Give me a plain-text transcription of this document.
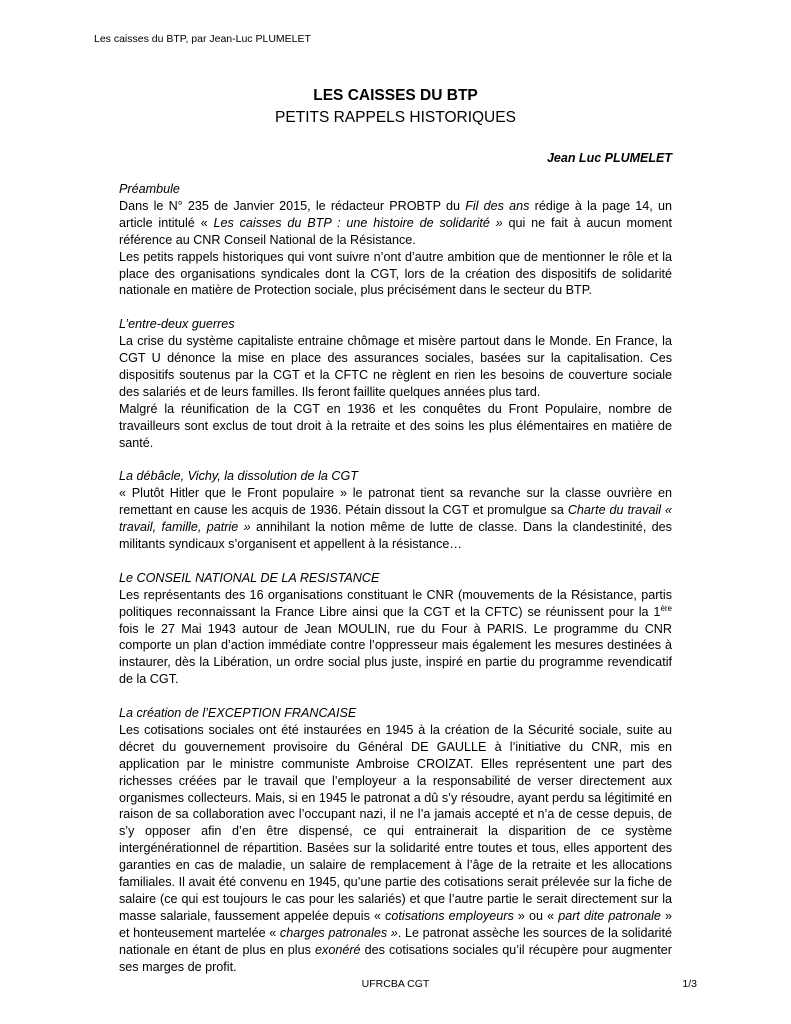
Les caisses du BTP, par Jean-Luc PLUMELET
LES CAISSES DU BTP
PETITS RAPPELS HISTORIQUES
Jean Luc PLUMELET

Préambule

Dans le N° 235 de Janvier 2015, le rédacteur PROBTP du Fil des ans rédige à la page 14, un article intitulé « Les caisses du BTP : une histoire de solidarité » qui ne fait à aucun moment référence au CNR Conseil National de la Résistance.

Les petits rappels historiques qui vont suivre n’ont d’autre ambition que de mentionner le rôle et la place des organisations syndicales dont la CGT, lors de la création des dispositifs de solidarité nationale en matière de Protection sociale, plus précisément dans le secteur du BTP.

L’entre-deux guerres

La crise du système capitaliste entraine chômage et misère partout dans le Monde. En France, la CGT U dénonce la mise en place des assurances sociales, basées sur la capitalisation. Ces dispositifs soutenus par la CGT et la CFTC ne règlent en rien les besoins de couverture sociale des salariés et de leurs familles. Ils feront faillite quelques années plus tard.

Malgré la réunification de la CGT en 1936 et les conquêtes du Front Populaire, nombre de travailleurs sont exclus de tout droit à la retraite et des soins les plus élémentaires en matière de santé.

La débâcle, Vichy, la dissolution de la CGT

« Plutôt Hitler que le Front populaire » le patronat tient sa revanche sur la classe ouvrière en remettant en cause les acquis de 1936. Pétain dissout la CGT et promulgue sa Charte du travail « travail, famille, patrie » annihilant la notion même de lutte de classe. Dans la clandestinité, des militants syndicaux s’organisent et appellent à la résistance…

Le CONSEIL NATIONAL DE LA RESISTANCE

Les représentants des 16 organisations constituant le CNR (mouvements de la Résistance, partis politiques reconnaissant la France Libre ainsi que la CGT et la CFTC) se réunissent pour la 1ère fois le 27 Mai 1943 autour de Jean MOULIN, rue du Four à PARIS. Le programme du CNR comporte un plan d’action immédiate contre l’oppresseur mais également les mesures destinées à instaurer, dès la Libération, un ordre social plus juste, inspiré en partie du programme revendicatif de la CGT.

La création de l’EXCEPTION FRANCAISE

Les cotisations sociales ont été instaurées en 1945 à la création de la Sécurité sociale, suite au décret du gouvernement provisoire du Général DE GAULLE à l’initiative du CNR, mis en application par le ministre communiste Ambroise CROIZAT. Elles représentent une part des richesses créées par le travail que l’employeur a la responsabilité de verser directement aux organismes collecteurs. Mais, si en 1945 le patronat a dû s’y résoudre, ayant perdu sa légitimité en raison de sa collaboration avec l’occupant nazi, il ne l’a jamais accepté et n’a de cesse depuis, de s’y opposer afin d’en être dispensé, ce qui entrainerait la disparition de ce système intergénérationnel de répartition. Basées sur la solidarité entre toutes et tous, elles apportent des garanties en cas de maladie, un salaire de remplacement à l’âge de la retraite et les allocations familiales. Il avait été convenu en 1945, qu’une partie des cotisations serait prélevée sur la fiche de salaire (ce qui est toujours le cas pour les salariés) et que l’autre partie le serait directement sur la masse salariale, faussement appelée depuis « cotisations employeurs » ou « part dite patronale » et honteusement martelée « charges patronales ». Le patronat assèche les sources de la solidarité nationale en étant de plus en plus exonéré des cotisations sociales qu’il récupère pour augmenter ses marges de profit.

UFRCBA CGT	1/3
